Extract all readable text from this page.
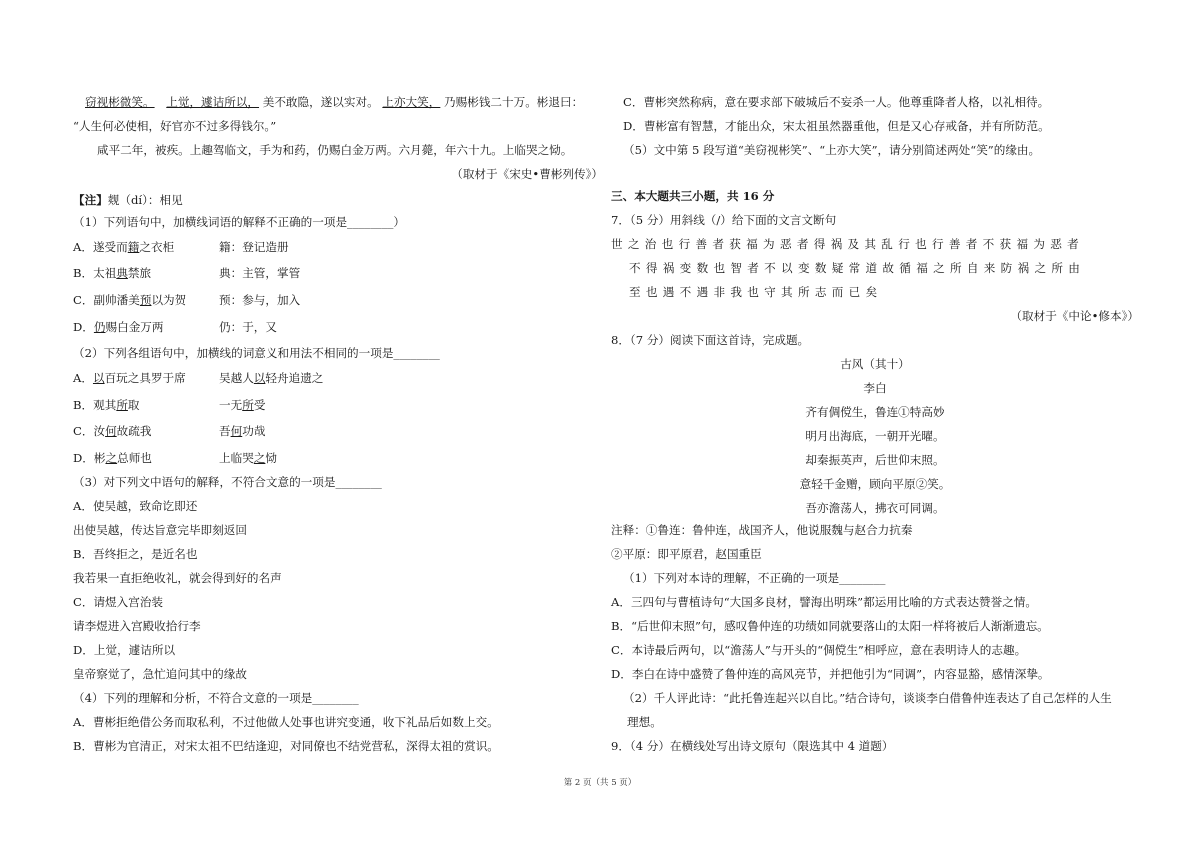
窃视彬微笑。 上觉，遽诘所以， 美不敢隐，遂以实对。 上亦大笑， 乃赐彬钱二十万。彬退曰：
“人生何必使相，好官亦不过多得钱尔。”
咸平二年，被疾。上趣驾临文，手为和药，仍赐白金万两。六月薨，年六十九。上临哭之恸。
（取材于《宋史•曹彬列传》）
【注】觌（dí）：相见
（1）下列语句中，加横线词语的解释不正确的一项是________）
A．遂受而籍之衣柜	籍：登记造册
B．太祖典禁旅	典：主管，掌管
C．副帅潘美预以为贺	预：参与，加入
D．仍赐白金万两	仍：于，又
（2）下列各组语句中，加横线的词意义和用法不相同的一项是________
A．以百玩之具罗于席	吴越人以轻舟追遗之
B．观其所取	一无所受
C．汝何故疏我	吾何功哉
D．彬之总师也	上临哭之恸
（3）对下列文中语句的解释，不符合文意的一项是________
A．使吴越，致命讫即还
出使吴越，传达旨意完毕即刻返回
B．吾终拒之，是近名也
我若果一直拒绝收礼，就会得到好的名声
C．请煜入宫治装
请李煜进入宫殿收拾行李
D．上觉，遽诘所以
皇帝察觉了，急忙追问其中的缘故
（4）下列的理解和分析，不符合文意的一项是________
A．曹彬拒绝借公务而取私利，不过他做人处事也讲究变通，收下礼品后如数上交。
B．曹彬为官清正，对宋太祖不巴结逢迎，对同僚也不结党营私，深得太祖的赏识。
C．曹彬突然称病，意在要求部下破城后不妄杀一人。他尊重降者人格，以礼相待。
D．曹彬富有智慧，才能出众，宋太祖虽然器重他，但是又心存戒备，并有所防范。
（5）文中第 5 段写道“美窃视彬笑”、“上亦大笑”，请分别简述两处“笑”的缘由。
三、本大题共三小题，共 16 分
7．（5 分）用斜线（/）给下面的文言文断句
世之治也行善者获福为恶者得祸及其乱行也行善者不获福为恶者
不得祸变数也智者不以变数疑常道故循福之所自来防祸之所由
至也遇不遇非我也守其所志而已矣
（取材于《中论•修本》）
8．（7 分）阅读下面这首诗，完成题。
古风（其十）
李白
齐有倜傥生，鲁连①特高妙
明月出海底，一朝开光曜。
却秦振英声，后世仰末照。
意轻千金赠，顾向平原②笑。
吾亦澹荡人，拂衣可同调。
注释：①鲁连：鲁仲连，战国齐人，他说服魏与赵合力抗秦
②平原：即平原君，赵国重臣
（1）下列对本诗的理解，不正确的一项是________
A．三四句与曹植诗句“大国多良材，譬海出明珠”都运用比喻的方式表达赞誉之情。
B．“后世仰末照”句，感叹鲁仲连的功绩如同就要落山的太阳一样将被后人渐渐遗忘。
C．本诗最后两句，以“澹荡人”与开头的“倜傥生”相呼应，意在表明诗人的志趣。
D．李白在诗中盛赞了鲁仲连的高风亮节，并把他引为“同调”，内容显豁，感情深挚。
（2）千人评此诗：“此托鲁连起兴以自比。”结合诗句，谈谈李白借鲁仲连表达了自己怎样的人生
理想。
9．（4 分）在横线处写出诗文原句（限选其中 4 道题）
第 2 页（共 5 页）
